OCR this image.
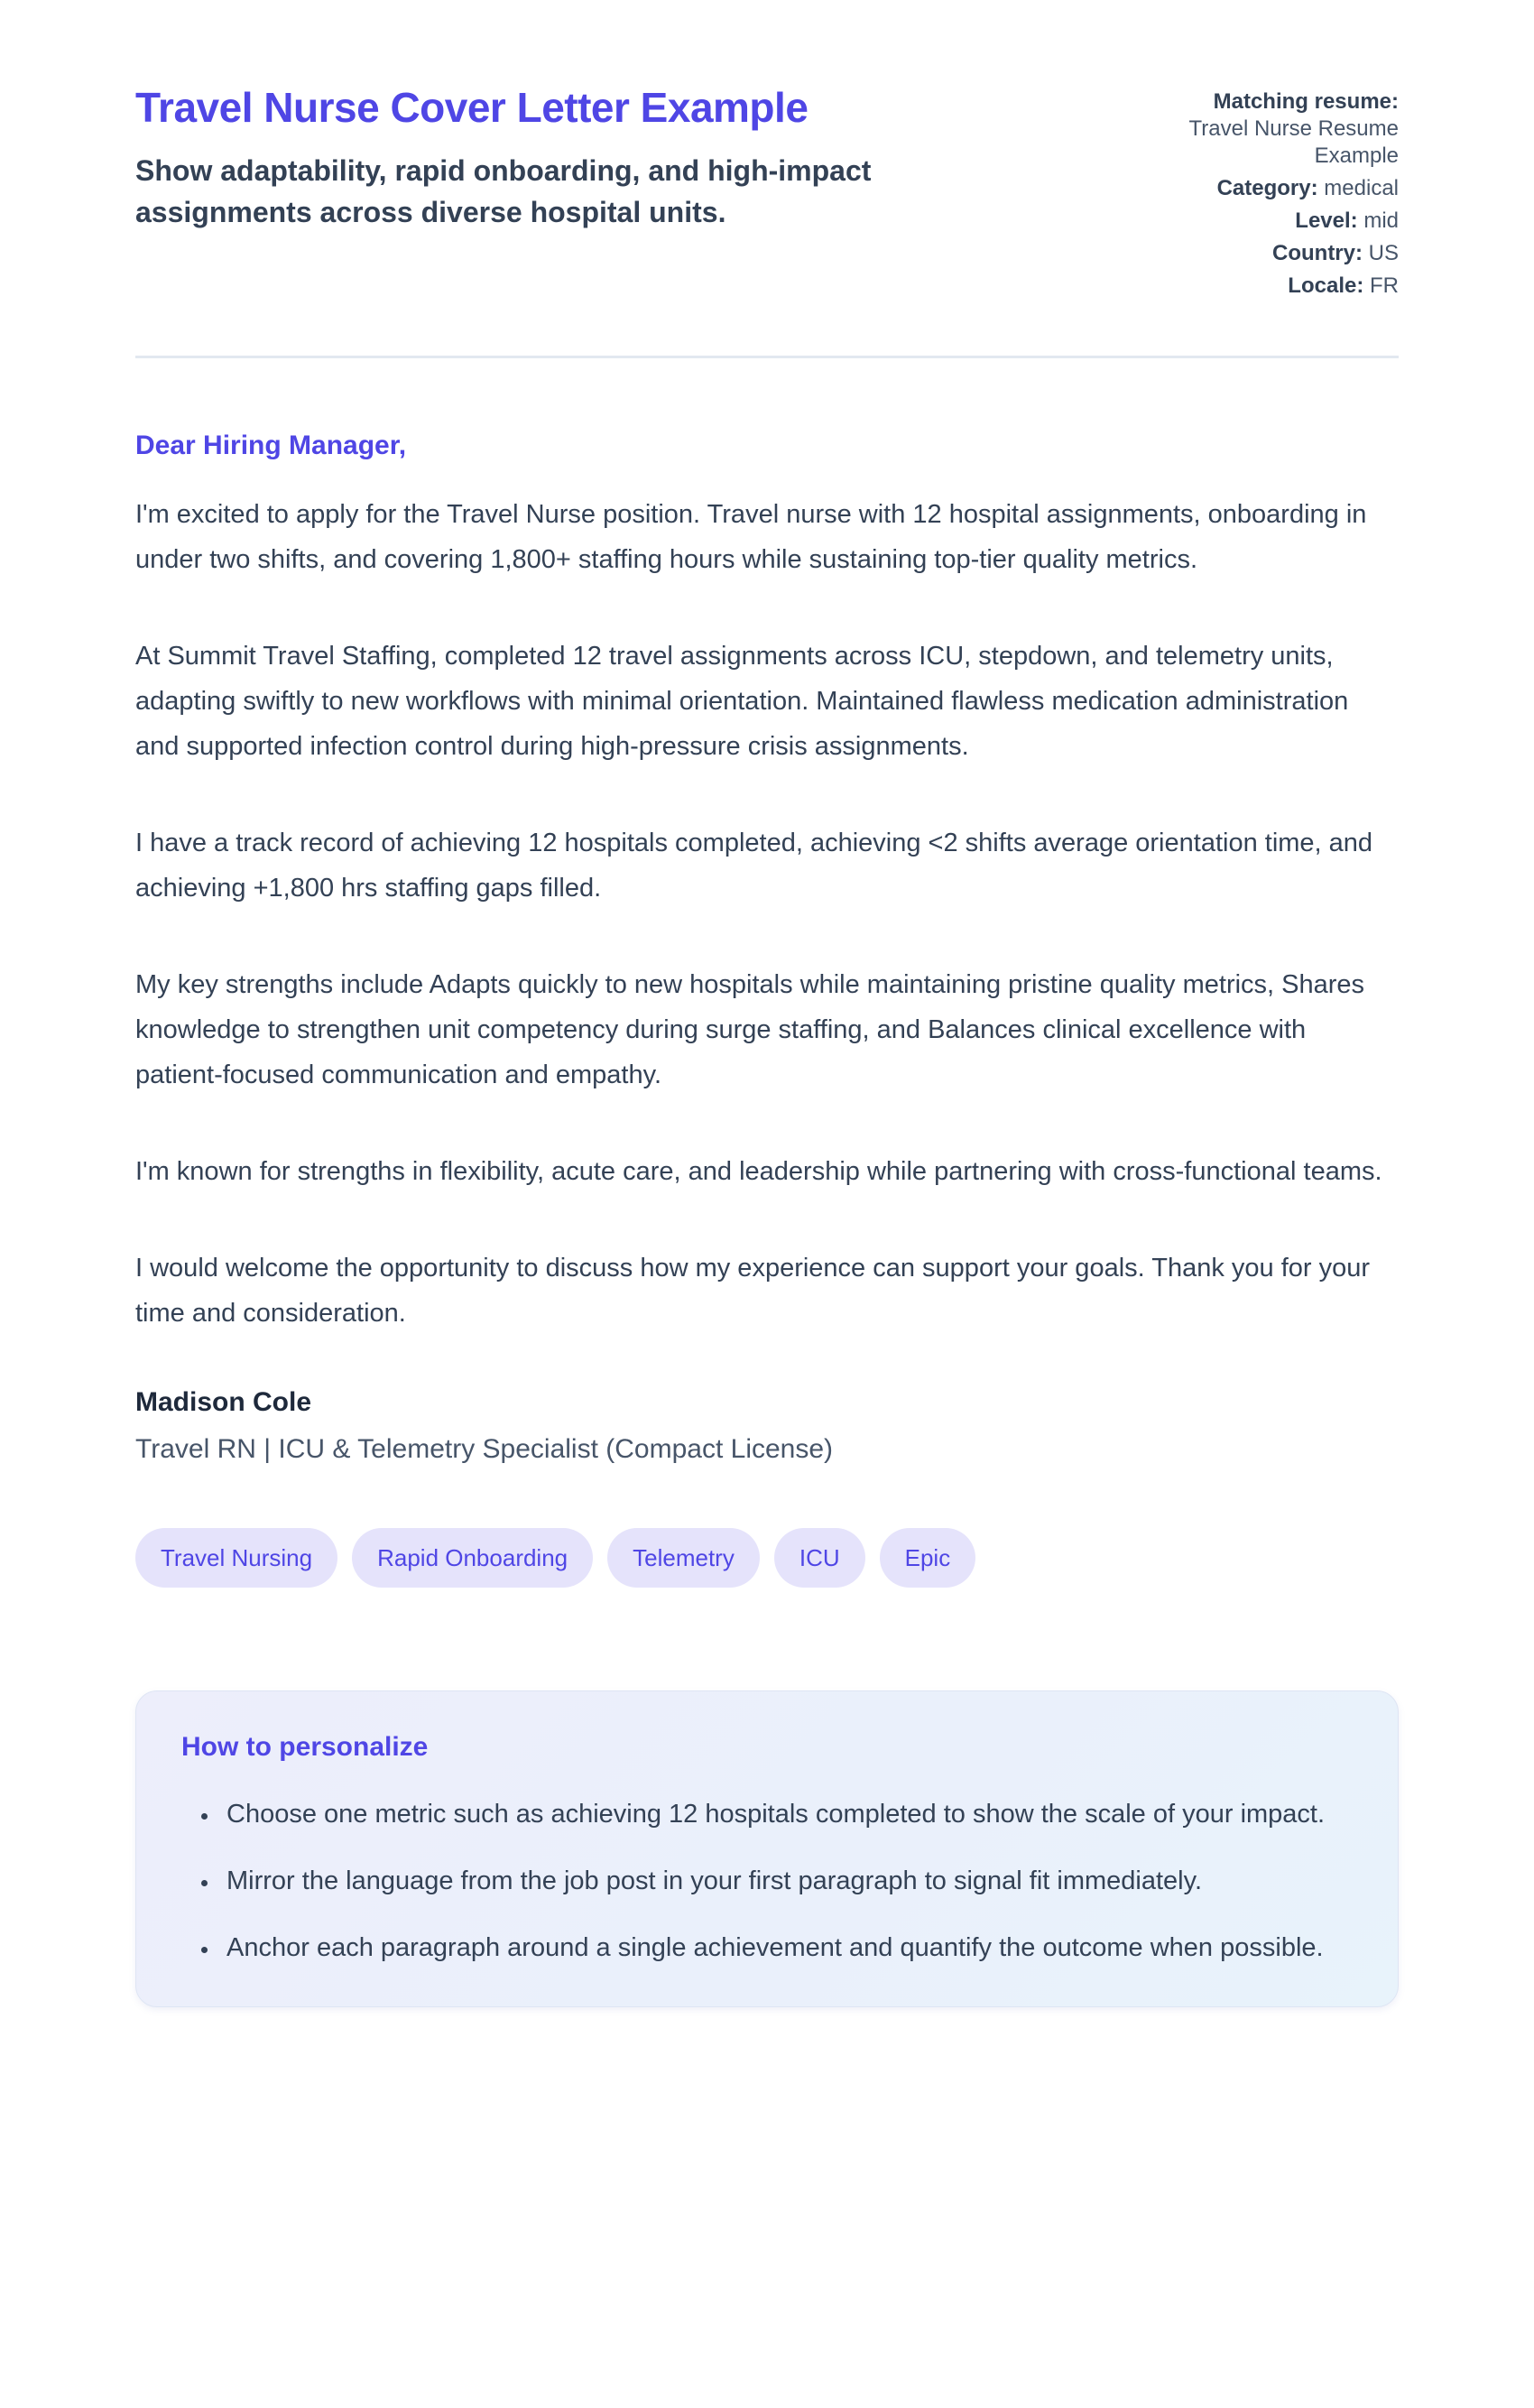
Travel Nurse Cover Letter Example
Show adaptability, rapid onboarding, and high-impact assignments across diverse hospital units.
Matching resume:
Travel Nurse Resume Example
Category: medical
Level: mid
Country: US
Locale: FR
Dear Hiring Manager,

I'm excited to apply for the Travel Nurse position. Travel nurse with 12 hospital assignments, onboarding in under two shifts, and covering 1,800+ staffing hours while sustaining top-tier quality metrics.

At Summit Travel Staffing, completed 12 travel assignments across ICU, stepdown, and telemetry units, adapting swiftly to new workflows with minimal orientation. Maintained flawless medication administration and supported infection control during high-pressure crisis assignments.

I have a track record of achieving 12 hospitals completed, achieving <2 shifts average orientation time, and achieving +1,800 hrs staffing gaps filled.

My key strengths include Adapts quickly to new hospitals while maintaining pristine quality metrics, Shares knowledge to strengthen unit competency during surge staffing, and Balances clinical excellence with patient-focused communication and empathy.

I'm known for strengths in flexibility, acute care, and leadership while partnering with cross-functional teams.

I would welcome the opportunity to discuss how my experience can support your goals. Thank you for your time and consideration.

Madison Cole
Travel RN | ICU & Telemetry Specialist (Compact License)
Travel Nursing	Rapid Onboarding	Telemetry	ICU	Epic
How to personalize
• Choose one metric such as achieving 12 hospitals completed to show the scale of your impact.
• Mirror the language from the job post in your first paragraph to signal fit immediately.
• Anchor each paragraph around a single achievement and quantify the outcome when possible.
